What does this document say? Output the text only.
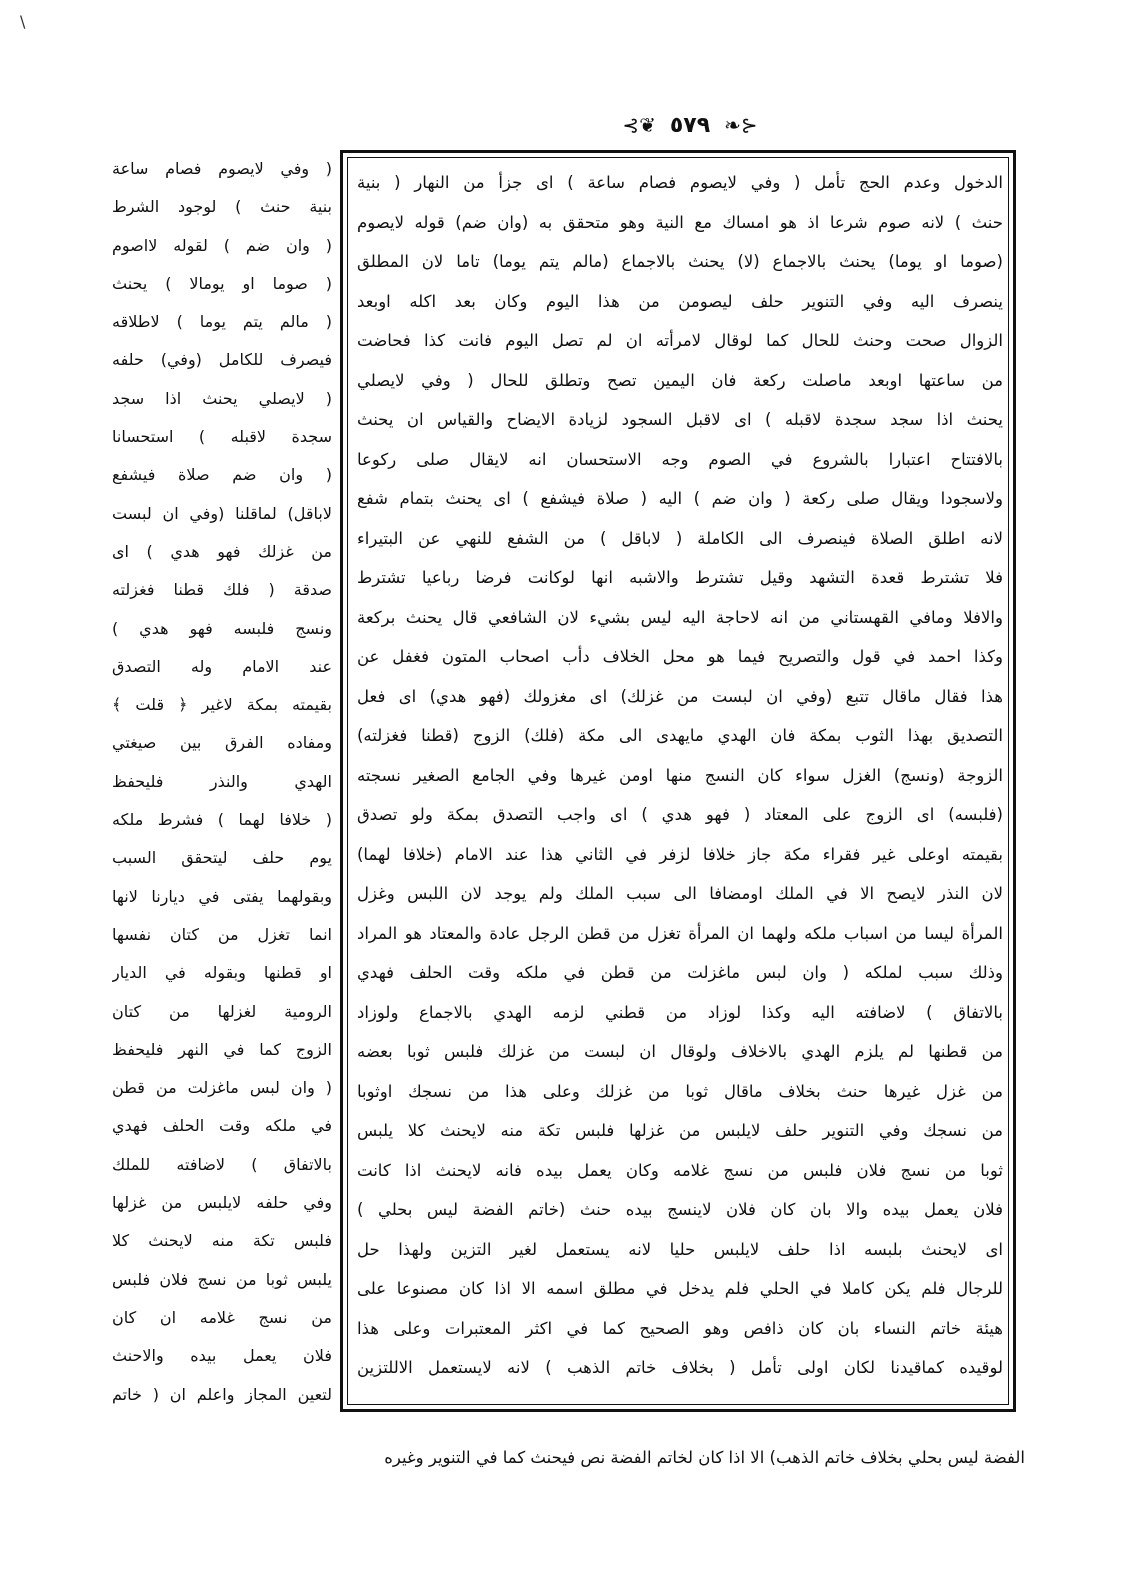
\
⊰❦ ٥٧٩ ❧⊱
( وفي لايصوم فصام ساعة
بنية حنث ) لوجود الشرط
( وان ضم ) لقوله لااصوم
( صوما او يومالا ) يحنث
( مالم يتم يوما ) لاطلاقه
فيصرف للكامل (وفي) حلفه
( لايصلي يحنث اذا سجد
سجدة لاقبله ) استحسانا
( وان ضم صلاة فيشفع
لاباقل) لماقلنا (وفي ان لبست
من غزلك فهو هدي ) اى
صدقة ( فلك قطنا فغزلته
ونسج فلبسه فهو هدي )
عند الامام وله التصدق
بقيمته بمكة لاغير ﴿ قلت ﴾
ومفاده الفرق بين صيغتي
الهدي والنذر فليحفظ
( خلافا لهما ) فشرط ملكه
يوم حلف ليتحقق السبب
وبقولهما يفتى في ديارنا لانها
انما تغزل من كتان نفسها
او قطنها وبقوله في الديار
الرومية لغزلها من كتان
الزوج كما في النهر فليحفظ
( وان لبس ماغزلت من قطن
في ملكه وقت الحلف فهدي
بالاتفاق ) لاضافته للملك
وفي حلفه لايلبس من غزلها
فلبس تكة منه لايحنث كلا
يلبس ثوبا من نسج فلان فلبس
من نسج غلامه ان كان
فلان يعمل بيده والاحنث
لتعين المجاز واعلم ان ( خاتم
الدخول وعدم الحج تأمل ( وفي لايصوم فصام ساعة ) اى جزأ من النهار ( بنية
حنث ) لانه صوم شرعا اذ هو امساك مع النية وهو متحقق به (وان ضم) قوله لايصوم
(صوما او يوما) يحنث بالاجماع (لا) يحنث بالاجماع (مالم يتم يوما) تاما لان المطلق
ينصرف اليه وفي التنوير حلف ليصومن من هذا اليوم وكان بعد اكله اوبعد
الزوال صحت وحنث للحال كما لوقال لامرأته ان لم تصل اليوم فانت كذا فحاضت
من ساعتها اوبعد ماصلت ركعة فان اليمين تصح وتطلق للحال ( وفي لايصلي
يحنث اذا سجد سجدة لاقبله ) اى لاقبل السجود لزيادة الايضاح والقياس ان يحنث
بالافتتاح اعتبارا بالشروع في الصوم وجه الاستحسان انه لايقال صلى ركوعا
ولاسجودا ويقال صلى ركعة ( وان ضم ) اليه ( صلاة فيشفع ) اى يحنث بتمام شفع
لانه اطلق الصلاة فينصرف الى الكاملة ( لاباقل ) من الشفع للنهي عن البتيراء
فلا تشترط قعدة التشهد وقيل تشترط والاشبه انها لوكانت فرضا رباعيا تشترط
والافلا ومافي القهستاني من انه لاحاجة اليه ليس بشيء لان الشافعي قال يحنث بركعة
وكذا احمد في قول والتصريح فيما هو محل الخلاف دأب اصحاب المتون فغفل عن
هذا فقال ماقال تتبع (وفي ان لبست من غزلك) اى مغزولك (فهو هدي) اى فعل
التصديق بهذا الثوب بمكة فان الهدي مايهدى الى مكة (فلك) الزوج (قطنا فغزلته)
الزوجة (ونسج) الغزل سواء كان النسج منها اومن غيرها وفي الجامع الصغير نسجته
(فلبسه) اى الزوج على المعتاد ( فهو هدي ) اى واجب التصدق بمكة ولو تصدق
بقيمته اوعلى غير فقراء مكة جاز خلافا لزفر في الثاني هذا عند الامام (خلافا لهما)
لان النذر لايصح الا في الملك اومضافا الى سبب الملك ولم يوجد لان اللبس وغزل
المرأة ليسا من اسباب ملكه ولهما ان المرأة تغزل من قطن الرجل عادة والمعتاد هو المراد
وذلك سبب لملكه ( وان لبس ماغزلت من قطن في ملكه وقت الحلف فهدي
بالاتفاق ) لاضافته اليه وكذا لوزاد من قطني لزمه الهدي بالاجماع ولوزاد
من قطنها لم يلزم الهدي بالاخلاف ولوقال ان لبست من غزلك فلبس ثوبا بعضه
من غزل غيرها حنث بخلاف ماقال ثوبا من غزلك وعلى هذا من نسجك اوثوبا
من نسجك وفي التنوير حلف لايلبس من غزلها فلبس تكة منه لايحنث كلا يلبس
ثوبا من نسج فلان فلبس من نسج غلامه وكان يعمل بيده فانه لايحنث اذا كانت
فلان يعمل بيده والا بان كان فلان لاينسج بيده حنث (خاتم الفضة ليس بحلي )
اى لايحنث بلبسه اذا حلف لايلبس حليا لانه يستعمل لغير التزين ولهذا حل
للرجال فلم يكن كاملا في الحلي فلم يدخل في مطلق اسمه الا اذا كان مصنوعا على
هيئة خاتم النساء بان كان ذافص وهو الصحيح كما في اكثر المعتبرات وعلى هذا
لوقيده كماقيدنا لكان اولى تأمل ( بخلاف خاتم الذهب ) لانه لايستعمل الاللتزين
الفضة ليس بحلي بخلاف خاتم الذهب) الا اذا كان لخاتم الفضة نص فيحنث كما في التنوير وغيره
